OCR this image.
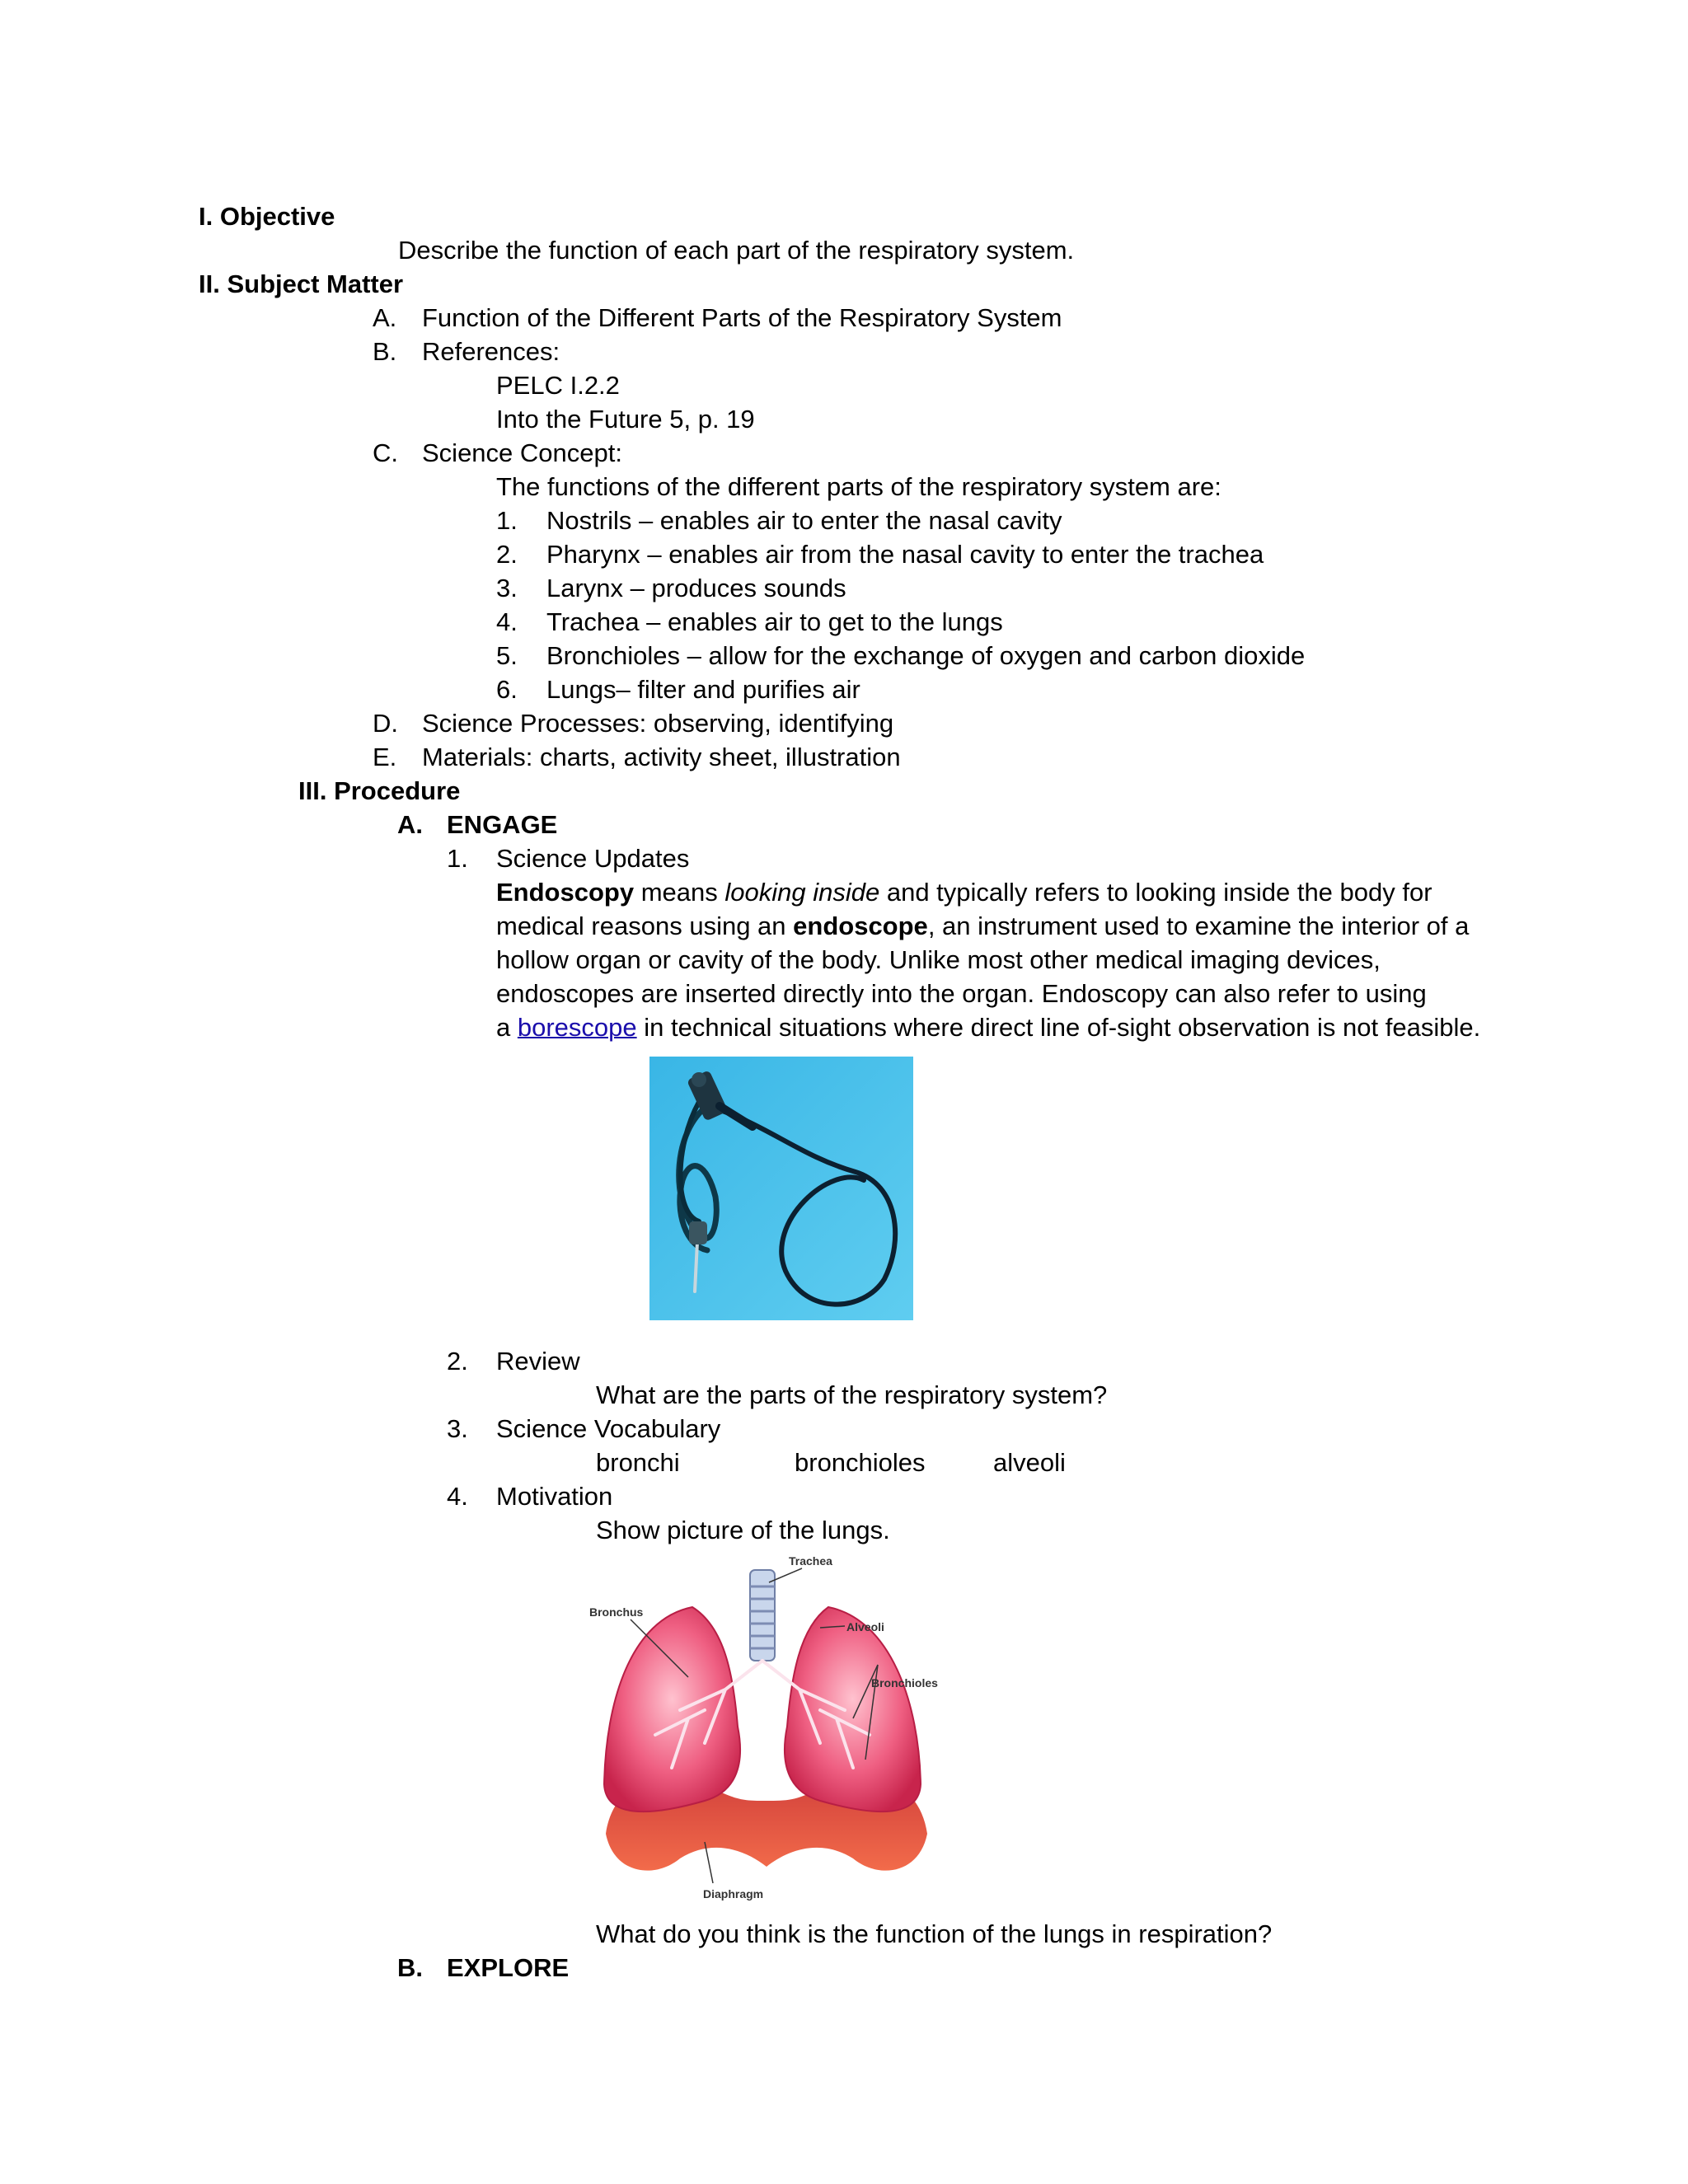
I. Objective
Describe the function of each part of the respiratory system.
II. Subject Matter
A. Function of the Different Parts of the Respiratory System
B. References:
PELC I.2.2
Into the Future 5, p. 19
C. Science Concept:
The functions of the different parts of the respiratory system are:
1. Nostrils – enables air to enter the nasal cavity
2. Pharynx – enables air from the nasal cavity to enter the trachea
3. Larynx – produces sounds
4. Trachea – enables air to get to the lungs
5. Bronchioles – allow for the exchange of oxygen and carbon dioxide
6. Lungs– filter and purifies air
D. Science Processes: observing, identifying
E. Materials: charts, activity sheet, illustration
III. Procedure
A. ENGAGE
1. Science Updates
Endoscopy means looking inside and typically refers to looking inside the body for
medical reasons using an endoscope, an instrument used to examine the interior of a
hollow organ or cavity of the body. Unlike most other medical imaging devices,
endoscopes are inserted directly into the organ. Endoscopy can also refer to using
a borescope in technical situations where direct line of-sight observation is not feasible.
2. Review
What are the parts of the respiratory system?
3. Science Vocabulary
bronchi	bronchioles	alveoli
4. Motivation
Show picture of the lungs.
Trachea
Bronchus
Alveoli
Bronchioles
Diaphragm
What do you think is the function of the lungs in respiration?
B. EXPLORE
